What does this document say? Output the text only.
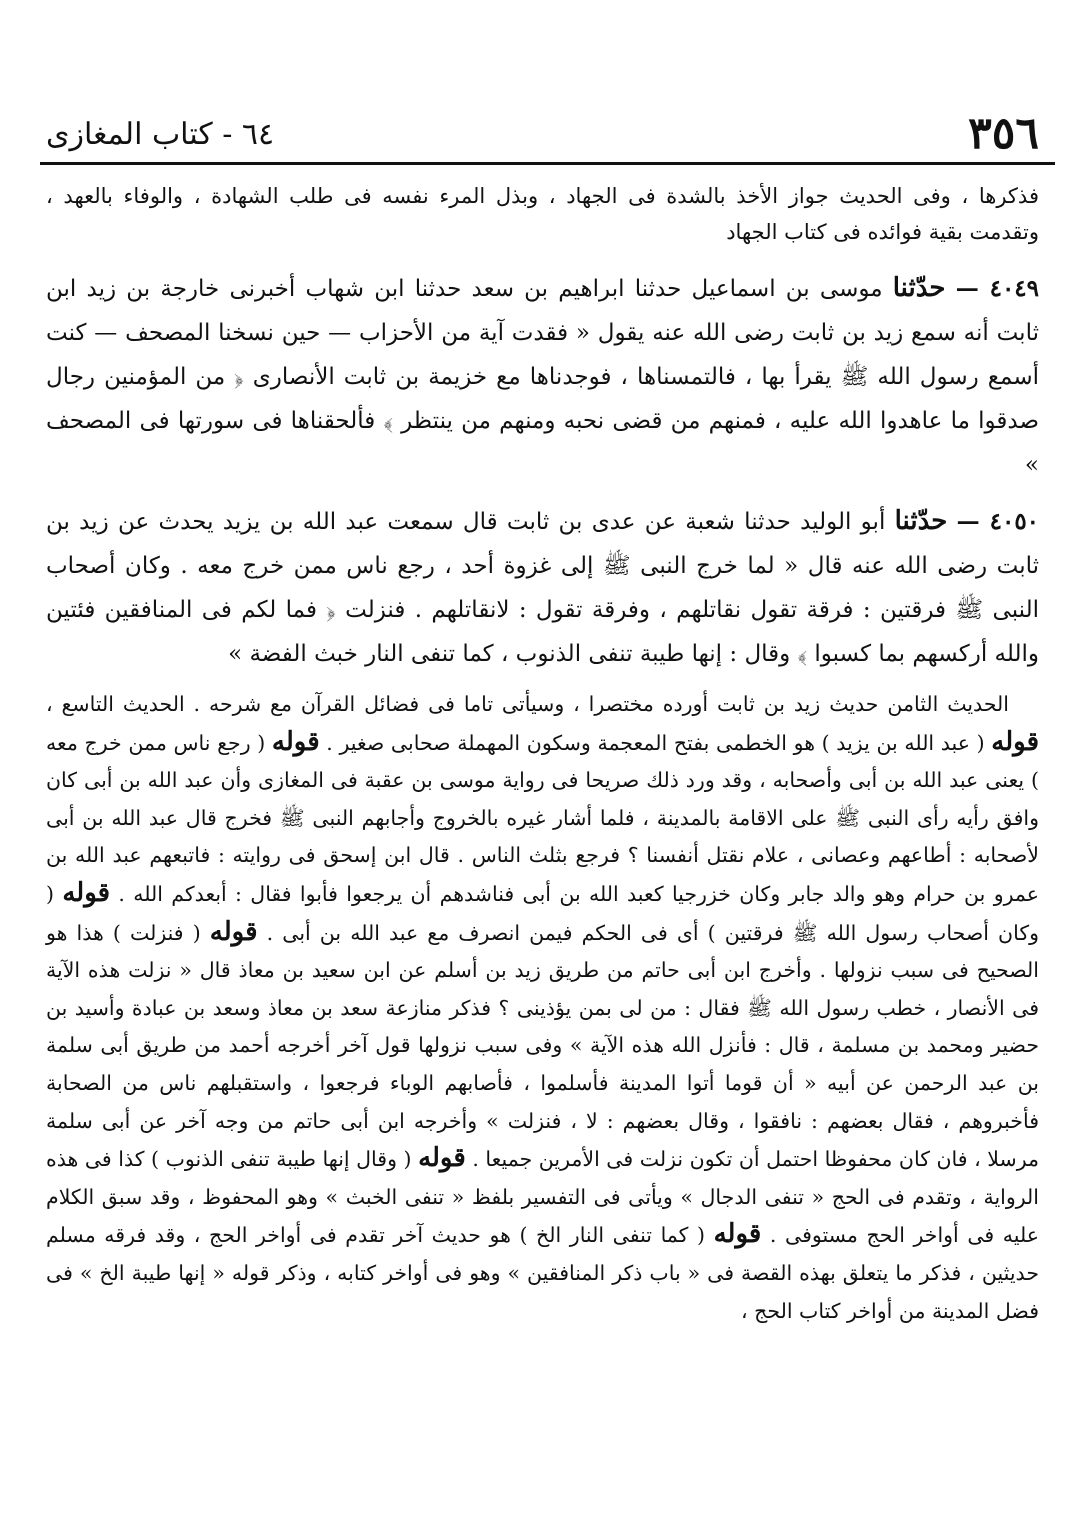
٣٥٦
٦٤ - كتاب المغازى

فذكرها ، وفى الحديث جواز الأخذ بالشدة فى الجهاد ، وبذل المرء نفسه فى طلب الشهادة ، والوفاء بالعهد ، وتقدمت بقية فوائده فى كتاب الجهاد

٤٠٤٩ — حدّثنا موسى بن اسماعيل حدثنا ابراهيم بن سعد حدثنا ابن شهاب أخبرنى خارجة بن زيد ابن ثابت أنه سمع زيد بن ثابت رضى الله عنه يقول « فقدت آية من الأحزاب — حين نسخنا المصحف — كنت أسمع رسول الله ﷺ يقرأ بها ، فالتمسناها ، فوجدناها مع خزيمة بن ثابت الأنصارى ﴿ من المؤمنين رجال صدقوا ما عاهدوا الله عليه ، فمنهم من قضى نحبه ومنهم من ينتظر ﴾ فألحقناها فى سورتها فى المصحف »

٤٠٥٠ — حدّثنا أبو الوليد حدثنا شعبة عن عدى بن ثابت قال سمعت عبد الله بن يزيد يحدث عن زيد بن ثابت رضى الله عنه قال « لما خرج النبى ﷺ إلى غزوة أحد ، رجع ناس ممن خرج معه . وكان أصحاب النبى ﷺ فرقتين : فرقة تقول نقاتلهم ، وفرقة تقول : لانقاتلهم . فنزلت ﴿ فما لكم فى المنافقين فئتين والله أركسهم بما كسبوا ﴾ وقال : إنها طيبة تنفى الذنوب ، كما تنفى النار خبث الفضة »

الحديث الثامن حديث زيد بن ثابت أورده مختصرا ، وسيأتى تاما فى فضائل القرآن مع شرحه . الحديث التاسع ، قوله ( عبد الله بن يزيد ) هو الخطمى بفتح المعجمة وسكون المهملة صحابى صغير . قوله ( رجع ناس ممن خرج معه ) يعنى عبد الله بن أبى وأصحابه ، وقد ورد ذلك صريحا فى رواية موسى بن عقبة فى المغازى وأن عبد الله بن أبى كان وافق رأيه رأى النبى ﷺ على الاقامة بالمدينة ، فلما أشار غيره بالخروج وأجابهم النبى ﷺ فخرج قال عبد الله بن أبى لأصحابه : أطاعهم وعصانى ، علام نقتل أنفسنا ؟ فرجع بثلث الناس . قال ابن إسحق فى روايته : فاتبعهم عبد الله بن عمرو بن حرام وهو والد جابر وكان خزرجيا كعبد الله بن أبى فناشدهم أن يرجعوا فأبوا فقال : أبعدكم الله . قوله ( وكان أصحاب رسول الله ﷺ فرقتين ) أى فى الحكم فيمن انصرف مع عبد الله بن أبى . قوله ( فنزلت ) هذا هو الصحيح فى سبب نزولها . وأخرج ابن أبى حاتم من طريق زيد بن أسلم عن ابن سعيد بن معاذ قال « نزلت هذه الآية فى الأنصار ، خطب رسول الله ﷺ فقال : من لى بمن يؤذينى ؟ فذكر منازعة سعد بن معاذ وسعد بن عبادة وأسيد بن حضير ومحمد بن مسلمة ، قال : فأنزل الله هذه الآية » وفى سبب نزولها قول آخر أخرجه أحمد من طريق أبى سلمة بن عبد الرحمن عن أبيه « أن قوما أتوا المدينة فأسلموا ، فأصابهم الوباء فرجعوا ، واستقبلهم ناس من الصحابة فأخبروهم ، فقال بعضهم : نافقوا ، وقال بعضهم : لا ، فنزلت » وأخرجه ابن أبى حاتم من وجه آخر عن أبى سلمة مرسلا ، فان كان محفوظا احتمل أن تكون نزلت فى الأمرين جميعا . قوله ( وقال إنها طيبة تنفى الذنوب ) كذا فى هذه الرواية ، وتقدم فى الحج « تنفى الدجال » ويأتى فى التفسير بلفظ « تنفى الخبث » وهو المحفوظ ، وقد سبق الكلام عليه فى أواخر الحج مستوفى . قوله ( كما تنفى النار الخ ) هو حديث آخر تقدم فى أواخر الحج ، وقد فرقه مسلم حديثين ، فذكر ما يتعلق بهذه القصة فى « باب ذكر المنافقين » وهو فى أواخر كتابه ، وذكر قوله « إنها طيبة الخ » فى فضل المدينة من أواخر كتاب الحج ،
